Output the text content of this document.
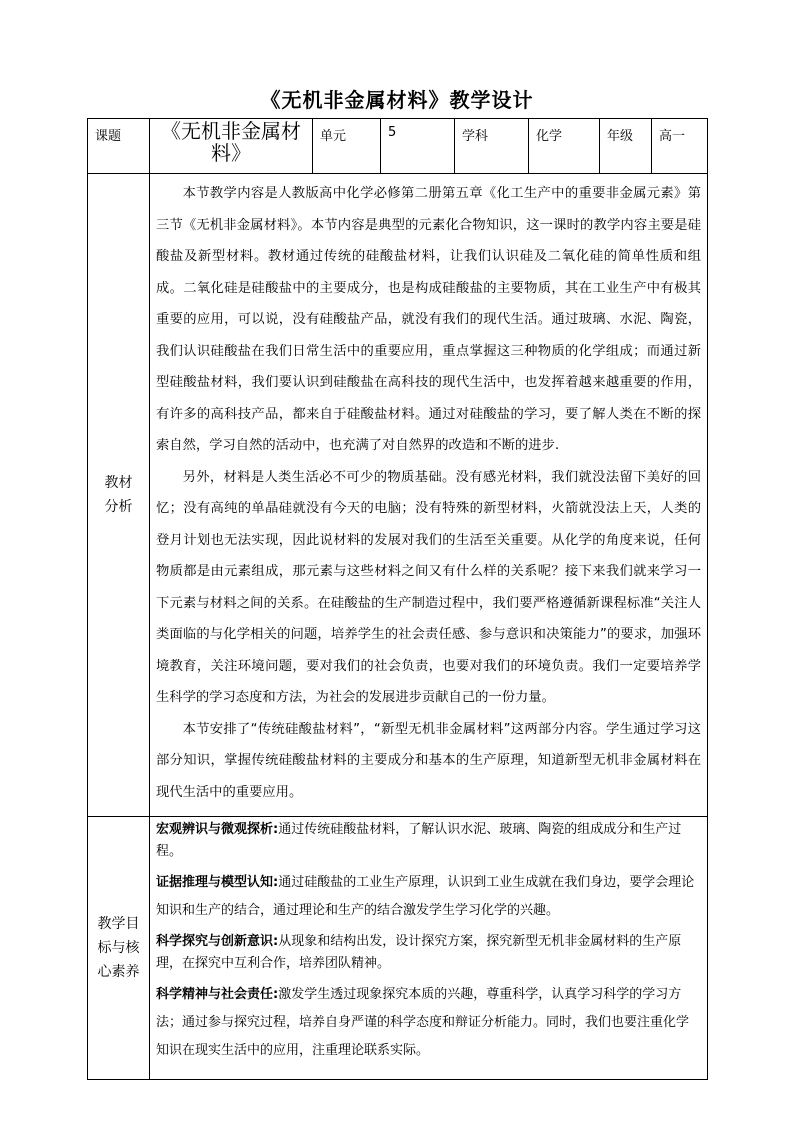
《无机非金属材料》教学设计
课题	《无机非金属材料》	单元	5	学科	化学	年级	高一

教材分析	本节教学内容是人教版高中化学必修第二册第五章《化工生产中的重要非金属元素》第三节《无机非金属材料》。本节内容是典型的元素化合物知识，这一课时的教学内容主要是硅酸盐及新型材料。教材通过传统的硅酸盐材料，让我们认识硅及二氧化硅的简单性质和组成。二氧化硅是硅酸盐中的主要成分，也是构成硅酸盐的主要物质，其在工业生产中有极其重要的应用，可以说，没有硅酸盐产品，就没有我们的现代生活。通过玻璃、水泥、陶瓷，我们认识硅酸盐在我们日常生活中的重要应用，重点掌握这三种物质的化学组成；而通过新型硅酸盐材料，我们要认识到硅酸盐在高科技的现代生活中，也发挥着越来越重要的作用，有许多的高科技产品，都来自于硅酸盐材料。通过对硅酸盐的学习，要了解人类在不断的探索自然，学习自然的活动中，也充满了对自然界的改造和不断的进步.

另外，材料是人类生活必不可少的物质基础。没有感光材料，我们就没法留下美好的回忆；没有高纯的单晶硅就没有今天的电脑；没有特殊的新型材料，火箭就没法上天，人类的登月计划也无法实现，因此说材料的发展对我们的生活至关重要。从化学的角度来说，任何物质都是由元素组成，那元素与这些材料之间又有什么样的关系呢？接下来我们就来学习一下元素与材料之间的关系。在硅酸盐的生产制造过程中，我们要严格遵循新课程标准“关注人类面临的与化学相关的问题，培养学生的社会责任感、参与意识和决策能力”的要求，加强环境教育，关注环境问题，要对我们的社会负责，也要对我们的环境负责。我们一定要培养学生科学的学习态度和方法，为社会的发展进步贡献自己的一份力量。

本节安排了“传统硅酸盐材料”，“新型无机非金属材料”这两部分内容。学生通过学习这部分知识，掌握传统硅酸盐材料的主要成分和基本的生产原理，知道新型无机非金属材料在现代生活中的重要应用。						

教学目标与核心素养	宏观辨识与微观探析:通过传统硅酸盐材料，了解认识水泥、玻璃、陶瓷的组成成分和生产过程。

证据推理与模型认知:通过硅酸盐的工业生产原理，认识到工业生成就在我们身边，要学会理论知识和生产的结合，通过理论和生产的结合激发学生学习化学的兴趣。

科学探究与创新意识:从现象和结构出发，设计探究方案，探究新型无机非金属材料的生产原理，在探究中互利合作，培养团队精神。

科学精神与社会责任:激发学生透过现象探究本质的兴趣，尊重科学，认真学习科学的学习方法；通过参与探究过程，培养自身严谨的科学态度和辩证分析能力。同时，我们也要注重化学知识在现实生活中的应用，注重理论联系实际。						
